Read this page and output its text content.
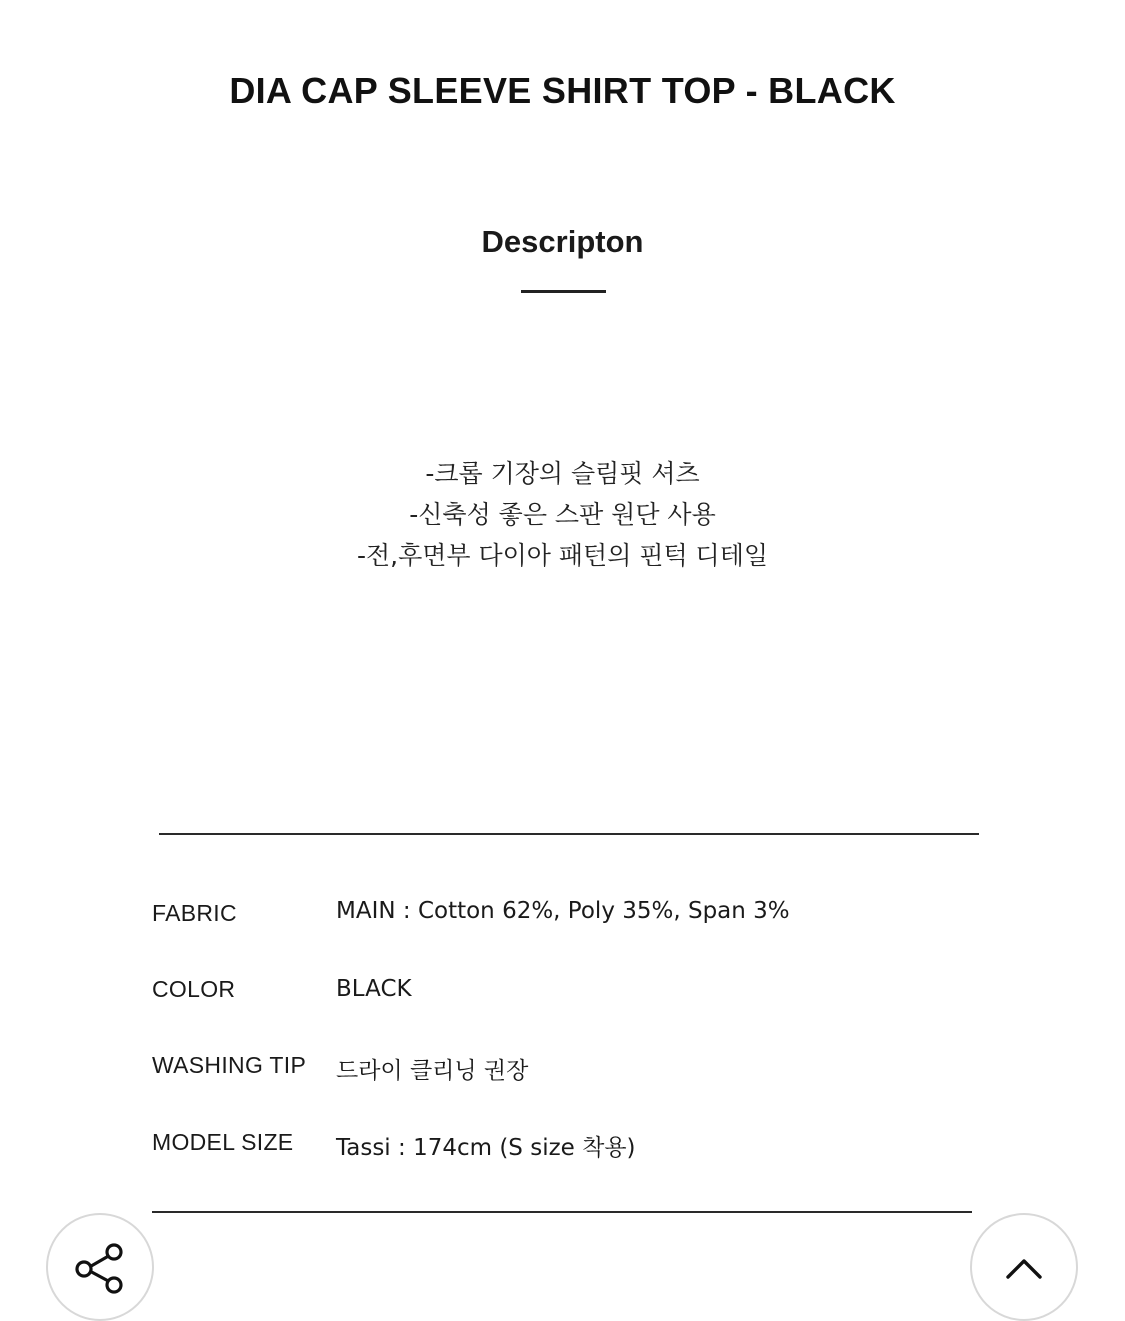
DIA CAP SLEEVE SHIRT TOP - BLACK
Descripton
-크롭 기장의 슬림핏 셔츠
-신축성 좋은 스판 원단 사용
-전,후면부 다이아 패턴의 핀턱 디테일
FABRIC	MAIN : Cotton 62%, Poly 35%, Span 3%
COLOR	BLACK
WASHING TIP 드라이 클리닝 권장
MODEL SIZE Tassi : 174cm (S size 착용)
